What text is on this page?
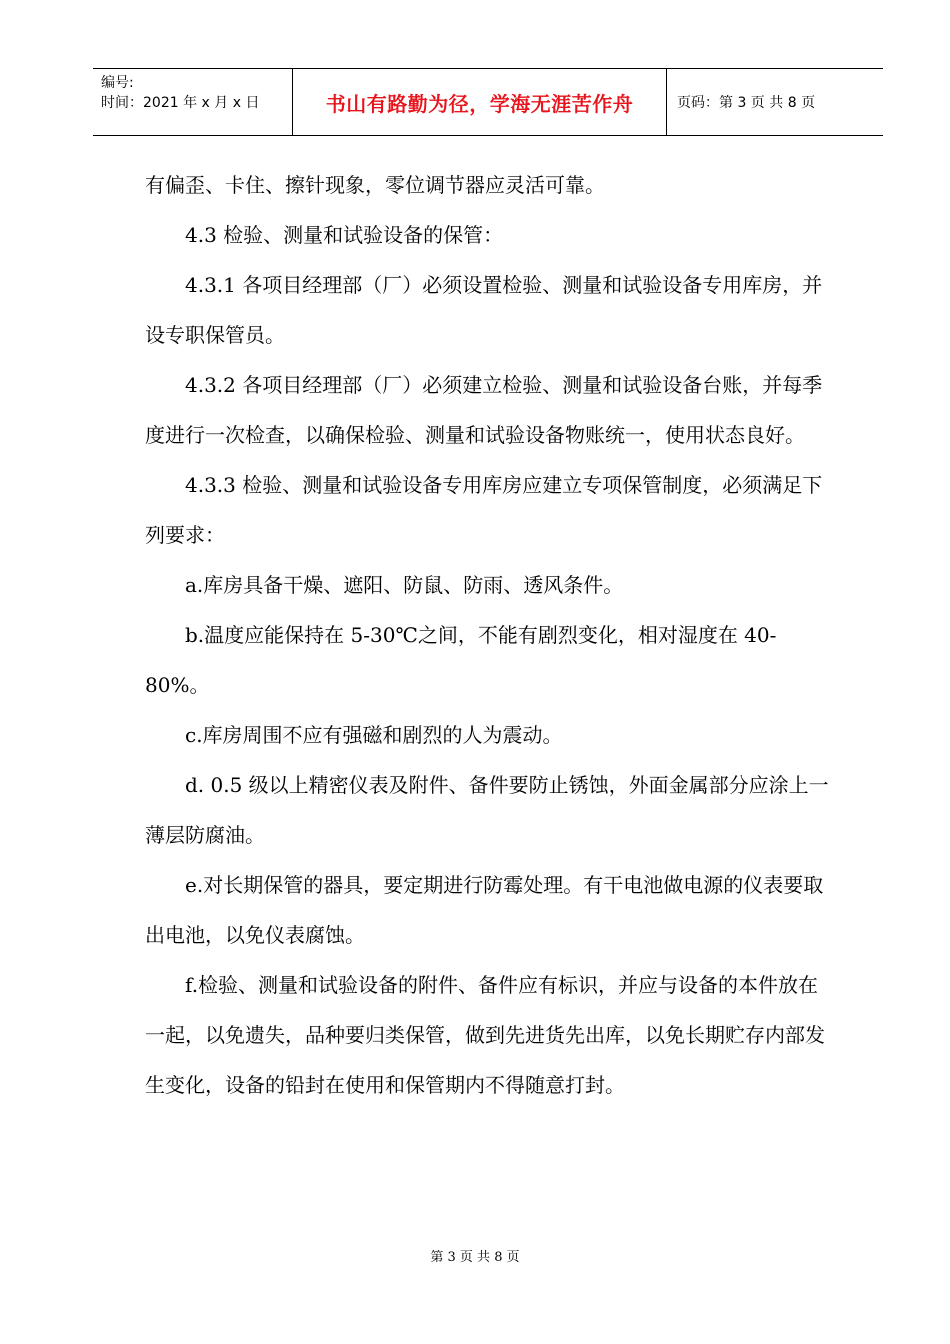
编号:
时间：2021 年 x 月 x 日	书山有路勤为径，学海无涯苦作舟	页码：第 3 页 共 8 页

有偏歪、卡住、擦针现象，零位调节器应灵活可靠。

4.3 检验、测量和试验设备的保管：

4.3.1 各项目经理部（厂）必须设置检验、测量和试验设备专用库房，并设专职保管员。

4.3.2 各项目经理部（厂）必须建立检验、测量和试验设备台账，并每季度进行一次检查，以确保检验、测量和试验设备物账统一，使用状态良好。

4.3.3 检验、测量和试验设备专用库房应建立专项保管制度，必须满足下列要求：

a.库房具备干燥、遮阳、防鼠、防雨、透风条件。

b.温度应能保持在 5-30℃之间，不能有剧烈变化，相对湿度在 40-80%。

c.库房周围不应有强磁和剧烈的人为震动。

d. 0.5 级以上精密仪表及附件、备件要防止锈蚀，外面金属部分应涂上一薄层防腐油。

e.对长期保管的器具，要定期进行防霉处理。有干电池做电源的仪表要取出电池，以免仪表腐蚀。

f.检验、测量和试验设备的附件、备件应有标识，并应与设备的本件放在一起，以免遗失，品种要归类保管，做到先进货先出库，以免长期贮存内部发生变化，设备的铅封在使用和保管期内不得随意打封。

第 3 页 共 8 页
